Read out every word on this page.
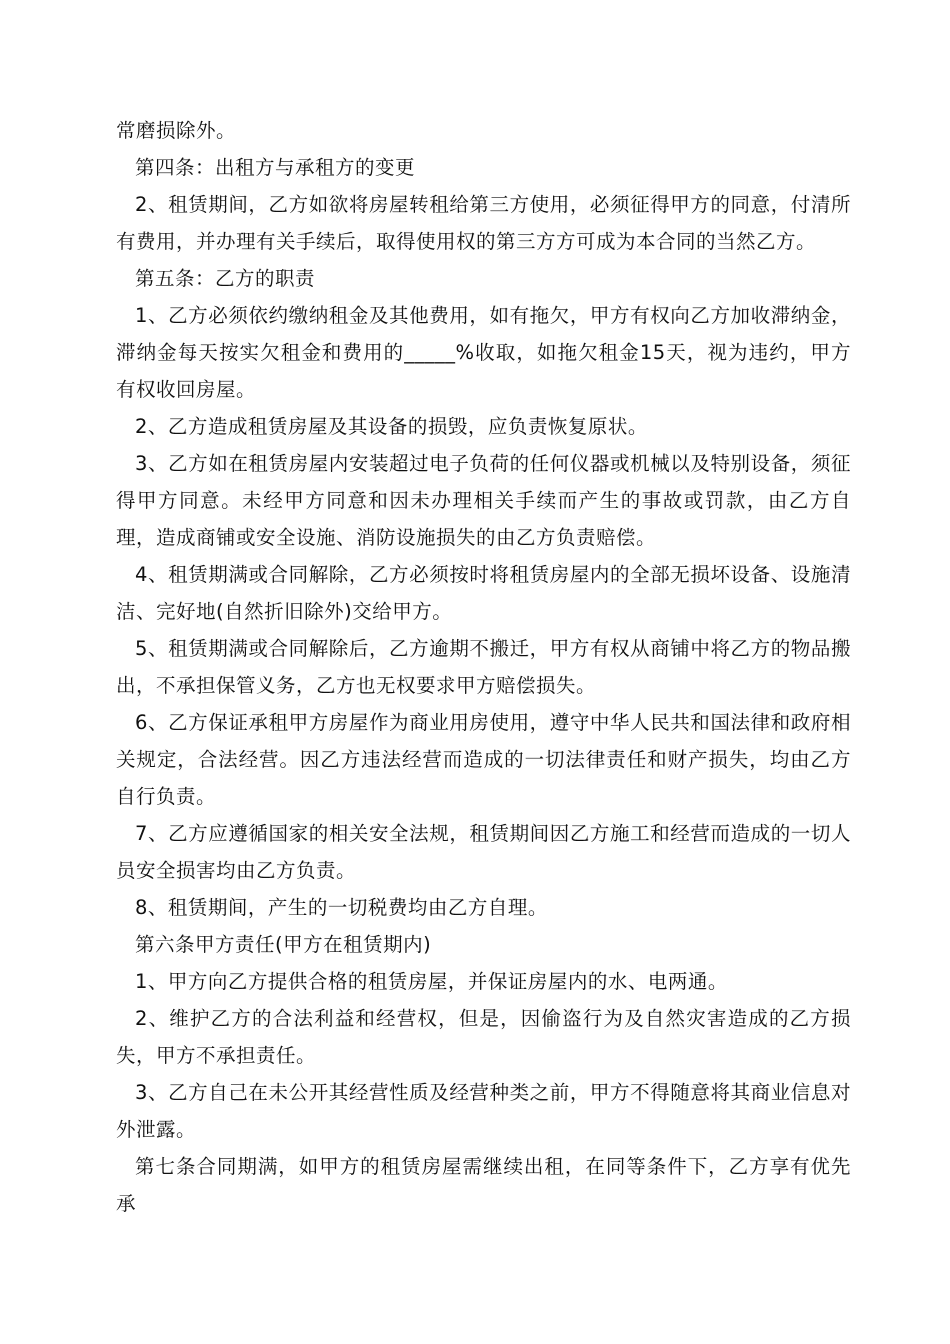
常磨损除外。

第四条：出租方与承租方的变更

2、租赁期间，乙方如欲将房屋转租给第三方使用，必须征得甲方的同意，付清所有费用，并办理有关手续后，取得使用权的第三方方可成为本合同的当然乙方。

第五条：乙方的职责

1、乙方必须依约缴纳租金及其他费用，如有拖欠，甲方有权向乙方加收滞纳金，滞纳金每天按实欠租金和费用的_____%收取，如拖欠租金15天，视为违约，甲方有权收回房屋。

2、乙方造成租赁房屋及其设备的损毁，应负责恢复原状。

3、乙方如在租赁房屋内安装超过电子负荷的任何仪器或机械以及特别设备，须征得甲方同意。未经甲方同意和因未办理相关手续而产生的事故或罚款，由乙方自理，造成商铺或安全设施、消防设施损失的由乙方负责赔偿。

4、租赁期满或合同解除，乙方必须按时将租赁房屋内的全部无损坏设备、设施清洁、完好地(自然折旧除外)交给甲方。

5、租赁期满或合同解除后，乙方逾期不搬迁，甲方有权从商铺中将乙方的物品搬出，不承担保管义务，乙方也无权要求甲方赔偿损失。

6、乙方保证承租甲方房屋作为商业用房使用，遵守中华人民共和国法律和政府相关规定，合法经营。因乙方违法经营而造成的一切法律责任和财产损失，均由乙方自行负责。

7、乙方应遵循国家的相关安全法规，租赁期间因乙方施工和经营而造成的一切人员安全损害均由乙方负责。

8、租赁期间，产生的一切税费均由乙方自理。

第六条甲方责任(甲方在租赁期内)

1、甲方向乙方提供合格的租赁房屋，并保证房屋内的水、电两通。

2、维护乙方的合法利益和经营权，但是，因偷盗行为及自然灾害造成的乙方损失，甲方不承担责任。

3、乙方自己在未公开其经营性质及经营种类之前，甲方不得随意将其商业信息对外泄露。

第七条合同期满，如甲方的租赁房屋需继续出租，在同等条件下，乙方享有优先承
